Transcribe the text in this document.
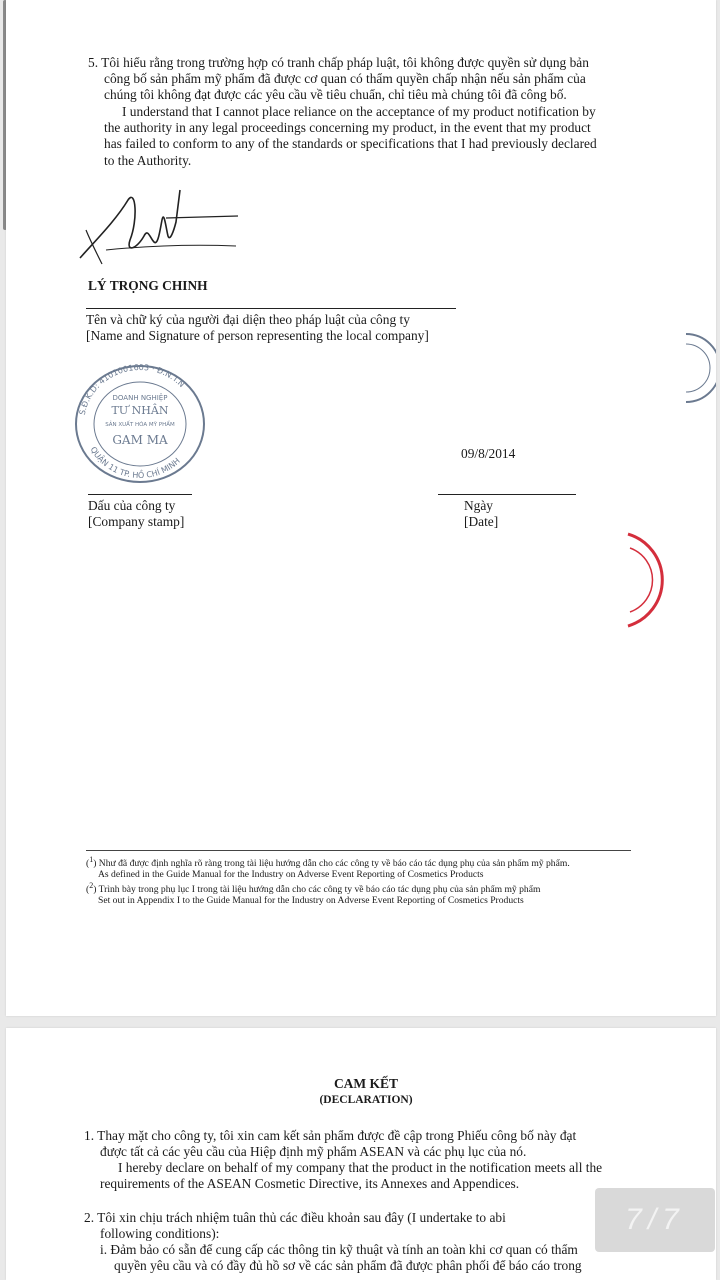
5. Tôi hiểu rằng trong trường hợp có tranh chấp pháp luật, tôi không được quyền sử dụng bản
công bố sản phẩm mỹ phẩm đã được cơ quan có thẩm quyền chấp nhận nếu sản phẩm của
chúng tôi không đạt được các yêu cầu về tiêu chuẩn, chỉ tiêu mà chúng tôi đã công bố.
I understand that I cannot place reliance on the acceptance of my product notification by
the authority in any legal proceedings concerning my product, in the event that my product
has failed to conform to any of the standards or specifications that I had previously declared
to the Authority.
LÝ TRỌNG CHINH
Tên và chữ ký của người đại diện theo pháp luật của công ty
[Name and Signature of person representing the local company]
S.Đ.K.D: 4101001603 · Đ.N.T.N
QUẬN 11 TP. HỒ CHÍ MINH
DOANH NGHIỆP
TƯ NHÂN
SẢN XUẤT HÓA MỸ PHẨM
GAM MA
09/8/2014
Dấu của công ty
[Company stamp]
Ngày
[Date]
($^1$) Như đã được định nghĩa rõ ràng trong tài liệu hướng dẫn cho các công ty về báo cáo tác dụng phụ của sản phẩm mỹ phẩm.
As defined in the Guide Manual for the Industry on Adverse Event Reporting of Cosmetics Products
($^2$) Trình bày trong phụ lục I trong tài liệu hướng dẫn cho các công ty về báo cáo tác dụng phụ của sản phẩm mỹ phẩm
Set out in Appendix I to the Guide Manual for the Industry on Adverse Event Reporting of Cosmetics Products
CAM KẾT
(DECLARATION)
1. Thay mặt cho công ty, tôi xin cam kết sản phẩm được đề cập trong Phiếu công bố này đạt
được tất cả các yêu cầu của Hiệp định mỹ phẩm ASEAN và các phụ lục của nó.
I hereby declare on behalf of my company that the product in the notification meets all the
requirements of the ASEAN Cosmetic Directive, its Annexes and Appendices.
2. Tôi xin chịu trách nhiệm tuân thủ các điều khoản sau đây (I undertake to abi
following conditions):
i. Đảm bảo có sẵn để cung cấp các thông tin kỹ thuật và tính an toàn khi cơ quan có thẩm
quyền yêu cầu và có đầy đủ hồ sơ về các sản phẩm đã được phân phối để báo cáo trong
7/7
